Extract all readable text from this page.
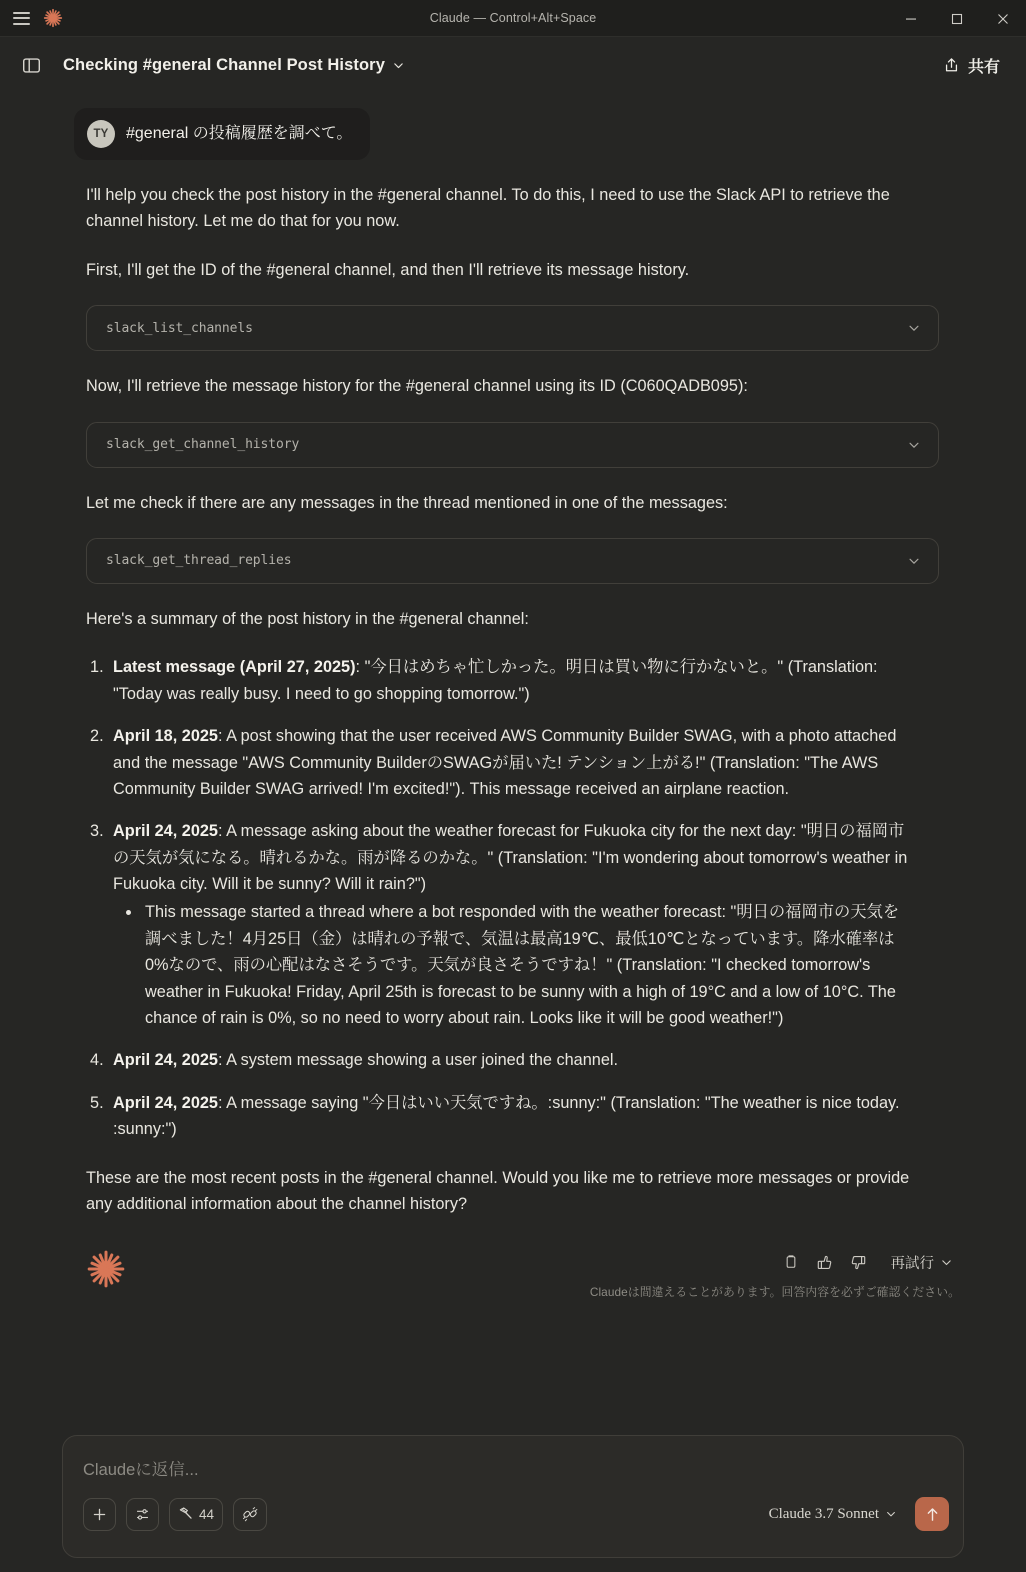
Claude — Control+Alt+Space
Checking #general Channel Post History	共有
TY	#general の投稿履歴を調べて。

I'll help you check the post history in the #general channel. To do this, I need to use the Slack API to retrieve the channel history. Let me do that for you now.

First, I'll get the ID of the #general channel, and then I'll retrieve its message history.

slack_list_channels

Now, I'll retrieve the message history for the #general channel using its ID (C060QADB095):

slack_get_channel_history

Let me check if there are any messages in the thread mentioned in one of the messages:

slack_get_thread_replies

Here's a summary of the post history in the #general channel:

Latest message (April 27, 2025): "今日はめちゃ忙しかった。明日は買い物に行かないと。" (Translation: "Today was really busy. I need to go shopping tomorrow.")
April 18, 2025: A post showing that the user received AWS Community Builder SWAG, with a photo attached and the message "AWS Community BuilderのSWAGが届いた! テンション上がる!" (Translation: "The AWS Community Builder SWAG arrived! I'm excited!"). This message received an airplane reaction.
April 24, 2025: A message asking about the weather forecast for Fukuoka city for the next day: "明日の福岡市の天気が気になる。晴れるかな。雨が降るのかな。" (Translation: "I'm wondering about tomorrow's weather in Fukuoka city. Will it be sunny? Will it rain?")
This message started a thread where a bot responded with the weather forecast: "明日の福岡市の天気を調べました！4月25日（金）は晴れの予報で、気温は最高19℃、最低10℃となっています。降水確率は0%なので、雨の心配はなさそうです。天気が良さそうですね！" (Translation: "I checked tomorrow's weather in Fukuoka! Friday, April 25th is forecast to be sunny with a high of 19°C and a low of 10°C. The chance of rain is 0%, so no need to worry about rain. Looks like it will be good weather!")
April 24, 2025: A system message showing a user joined the channel.
April 24, 2025: A message saying "今日はいい天気ですね。:sunny:" (Translation: "The weather is nice today. :sunny:")

These are the most recent posts in the #general channel. Would you like me to retrieve more messages or provide any additional information about the channel history?

再試行
Claudeは間違えることがあります。回答内容を必ずご確認ください。
Claudeに返信...
44	Claude 3.7 Sonnet
